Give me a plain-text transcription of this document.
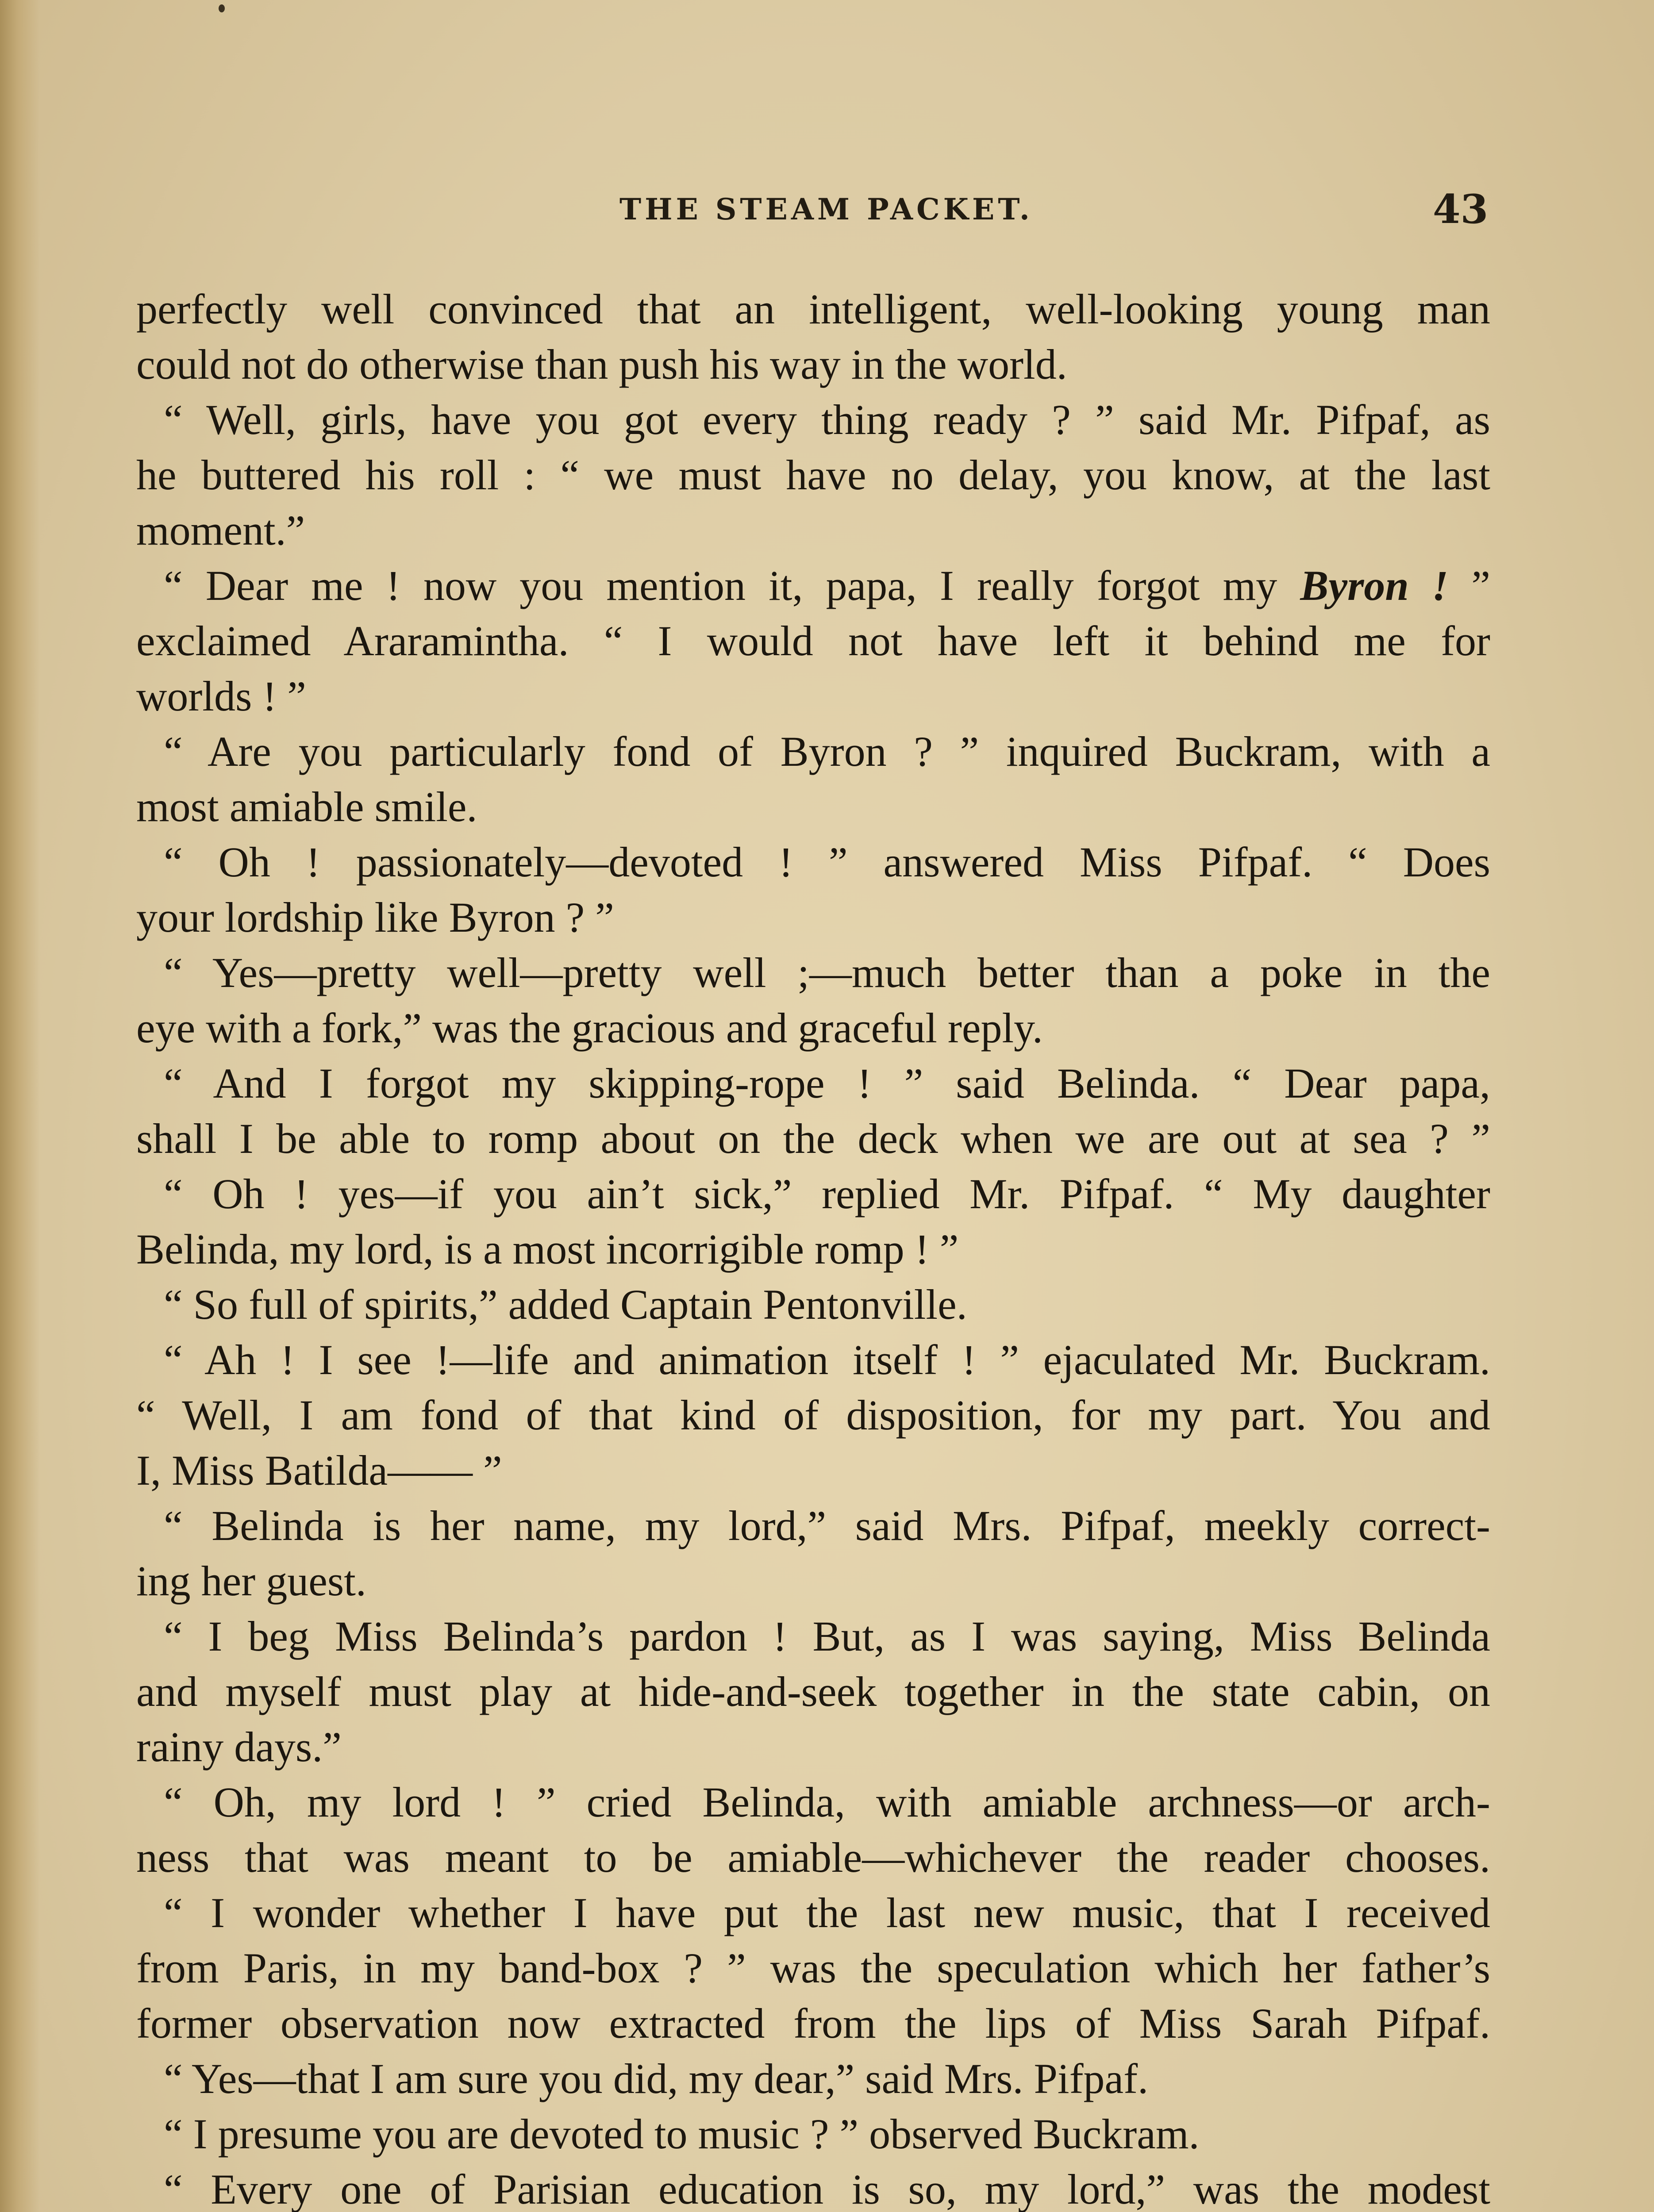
THE STEAM PACKET.	43
perfectly well convinced that an intelligent, well-looking young man
could not do otherwise than push his way in the world.
“ Well, girls, have you got every thing ready ? ” said Mr. Pifpaf, as
he buttered his roll : “ we must have no delay, you know, at the last
moment.”
“ Dear me ! now you mention it, papa, I really forgot my Byron ! ”
exclaimed Araramintha. “ I would not have left it behind me for
worlds ! ”
“ Are you particularly fond of Byron ? ” inquired Buckram, with a
most amiable smile.
“ Oh ! passionately—devoted ! ” answered Miss Pifpaf. “ Does
your lordship like Byron ? ”
“ Yes—pretty well—pretty well ;—much better than a poke in the
eye with a fork,” was the gracious and graceful reply.
“ And I forgot my skipping-rope ! ” said Belinda. “ Dear papa,
shall I be able to romp about on the deck when we are out at sea ? ”
“ Oh ! yes—if you ain’t sick,” replied Mr. Pifpaf. “ My daughter
Belinda, my lord, is a most incorrigible romp ! ”
“ So full of spirits,” added Captain Pentonville.
“ Ah ! I see !—life and animation itself ! ” ejaculated Mr. Buckram.
“ Well, I am fond of that kind of disposition, for my part. You and
I, Miss Batilda—— ”
“ Belinda is her name, my lord,” said Mrs. Pifpaf, meekly correct-
ing her guest.
“ I beg Miss Belinda’s pardon ! But, as I was saying, Miss Belinda
and myself must play at hide-and-seek together in the state cabin, on
rainy days.”
“ Oh, my lord ! ” cried Belinda, with amiable archness—or arch-
ness that was meant to be amiable—whichever the reader chooses.
“ I wonder whether I have put the last new music, that I received
from Paris, in my band-box ? ” was the speculation which her father’s
former observation now extracted from the lips of Miss Sarah Pifpaf.
“ Yes—that I am sure you did, my dear,” said Mrs. Pifpaf.
“ I presume you are devoted to music ? ” observed Buckram.
“ Every one of Parisian education is so, my lord,” was the modest
